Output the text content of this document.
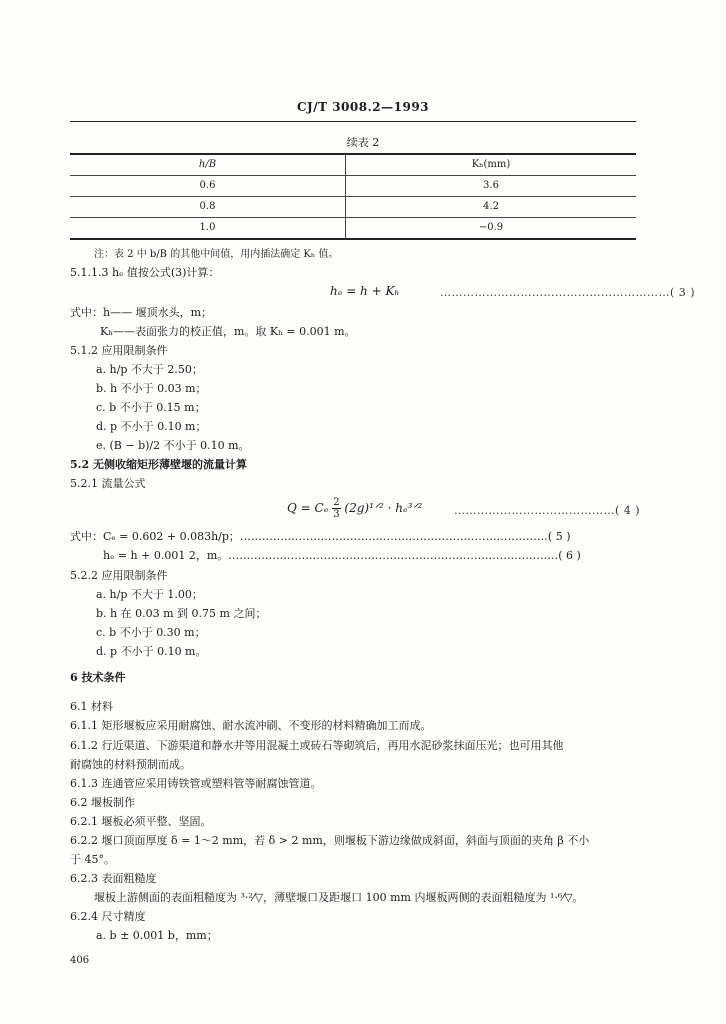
CJ/T 3008.2—1993
续表 2
h/B	Kₕ(mm)
0.6	3.6
0.8	4.2
1.0	−0.9
注：表 2 中 b/B 的其他中间值，用内插法确定 Kₕ 值。
5.1.1.3 hₑ 值按公式(3)计算：
hₑ = h + Kₕ	……………………………………………………( 3 )
式中：h—— 堰顶水头，m；
Kₕ——表面张力的校正值，m。取 Kₕ = 0.001 m。
5.1.2 应用限制条件
a. h/p 不大于 2.50；
b. h 不小于 0.03 m；
c. b 不小于 0.15 m；
d. p 不小于 0.10 m；
e. (B − b)/2 不小于 0.10 m。
5.2 无侧收缩矩形薄壁堰的流量计算
5.2.1 流量公式
Q = Cₑ $\frac{2}{3}$ (2g)¹ᐟ² · hₑ³ᐟ²	……………………………………( 4 )
式中：Cₑ = 0.602 + 0.083h/p；…………………………………………………………………………( 5 )
hₑ = h + 0.001 2，m。………………………………………………………………………………( 6 )
5.2.2 应用限制条件
a. h/p 不大于 1.00；
b. h 在 0.03 m 到 0.75 m 之间；
c. b 不小于 0.30 m；
d. p 不小于 0.10 m。
6 技术条件
6.1 材料
6.1.1 矩形堰板应采用耐腐蚀、耐水流冲刷、不变形的材料精确加工而成。
6.1.2 行近渠道、下游渠道和静水井等用混凝土或砖石等砌筑后，再用水泥砂浆抹面压光；也可用其他
耐腐蚀的材料预制而成。
6.1.3 连通管应采用铸铁管或塑料管等耐腐蚀管道。
6.2 堰板制作
6.2.1 堰板必须平整、坚固。
6.2.2 堰口顶面厚度 δ = 1～2 mm，若 δ > 2 mm，则堰板下游边缘做成斜面，斜面与顶面的夹角 β 不小
于 45°。
6.2.3 表面粗糙度
堰板上游侧面的表面粗糙度为 ³·²⁄▽，薄壁堰口及距堰口 100 mm 内堰板两侧的表面粗糙度为 ¹·⁶⁄▽。
6.2.4 尺寸精度
a. b ± 0.001 b，mm；
406
